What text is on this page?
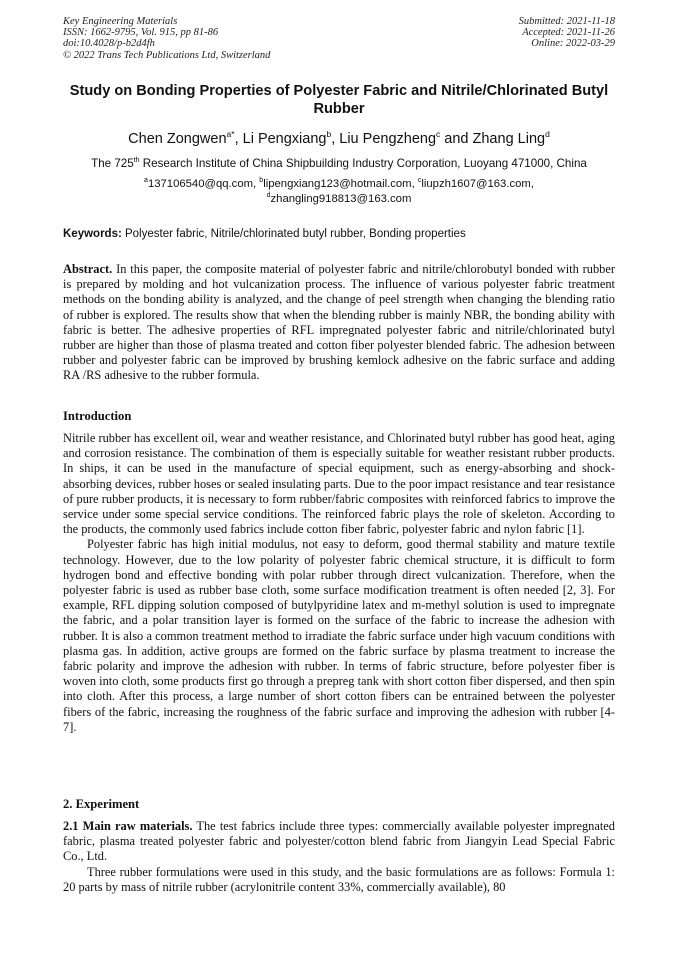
Key Engineering Materials
ISSN: 1662-9795, Vol. 915, pp 81-86
doi:10.4028/p-b2d4fh
© 2022 Trans Tech Publications Ltd, Switzerland
Submitted: 2021-11-18
Accepted: 2021-11-26
Online: 2022-03-29
Study on Bonding Properties of Polyester Fabric and Nitrile/Chlorinated Butyl Rubber
Chen Zongwen$^{a*}$, Li Pengxiang$^b$, Liu Pengzheng$^c$ and Zhang Ling$^d$
The 725th Research Institute of China Shipbuilding Industry Corporation, Luoyang 471000, China
$^a$137106540@qq.com, $^b$lipengxiang123@hotmail.com, $^c$liupzh1607@163.com,
$^d$zhangling918813@163.com
Keywords: Polyester fabric, Nitrile/chlorinated butyl rubber, Bonding properties
Abstract. In this paper, the composite material of polyester fabric and nitrile/chlorobutyl bonded with rubber is prepared by molding and hot vulcanization process. The influence of various polyester fabric treatment methods on the bonding ability is analyzed, and the change of peel strength when changing the blending ratio of rubber is explored. The results show that when the blending rubber is mainly NBR, the bonding ability with fabric is better. The adhesive properties of RFL impregnated polyester fabric and nitrile/chlorinated butyl rubber are higher than those of plasma treated and cotton fiber polyester blended fabric. The adhesion between rubber and polyester fabric can be improved by brushing kemlock adhesive on the fabric surface and adding RA /RS adhesive to the rubber formula.
Introduction

Nitrile rubber has excellent oil, wear and weather resistance, and Chlorinated butyl rubber has good heat, aging and corrosion resistance. The combination of them is especially suitable for weather resistant rubber products. In ships, it can be used in the manufacture of special equipment, such as energy-absorbing and shock-absorbing devices, rubber hoses or sealed insulating parts. Due to the poor impact resistance and tear resistance of pure rubber products, it is necessary to form rubber/fabric composites with reinforced fabrics to improve the service under some special service conditions. The reinforced fabric plays the role of skeleton. According to the products, the commonly used fabrics include cotton fiber fabric, polyester fabric and nylon fabric [1].

Polyester fabric has high initial modulus, not easy to deform, good thermal stability and mature textile technology. However, due to the low polarity of polyester fabric chemical structure, it is difficult to form hydrogen bond and effective bonding with polar rubber through direct vulcanization. Therefore, when the polyester fabric is used as rubber base cloth, some surface modification treatment is often needed [2, 3]. For example, RFL dipping solution composed of butylpyridine latex and m-methyl solution is used to impregnate the fabric, and a polar transition layer is formed on the surface of the fabric to increase the adhesion with rubber. It is also a common treatment method to irradiate the fabric surface under high vacuum conditions with plasma gas. In addition, active groups are formed on the fabric surface by plasma treatment to increase the fabric polarity and improve the adhesion with rubber. In terms of fabric structure, before polyester fiber is woven into cloth, some products first go through a prepreg tank with short cotton fiber dispersed, and then spin into cloth. After this process, a large number of short cotton fibers can be entrained between the polyester fibers of the fabric, increasing the roughness of the fabric surface and improving the adhesion with rubber [4-7].

2. Experiment

2.1 Main raw materials. The test fabrics include three types: commercially available polyester impregnated fabric, plasma treated polyester fabric and polyester/cotton blend fabric from Jiangyin Lead Special Fabric Co., Ltd.

Three rubber formulations were used in this study, and the basic formulations are as follows: Formula 1: 20 parts by mass of nitrile rubber (acrylonitrile content 33%, commercially available), 80
